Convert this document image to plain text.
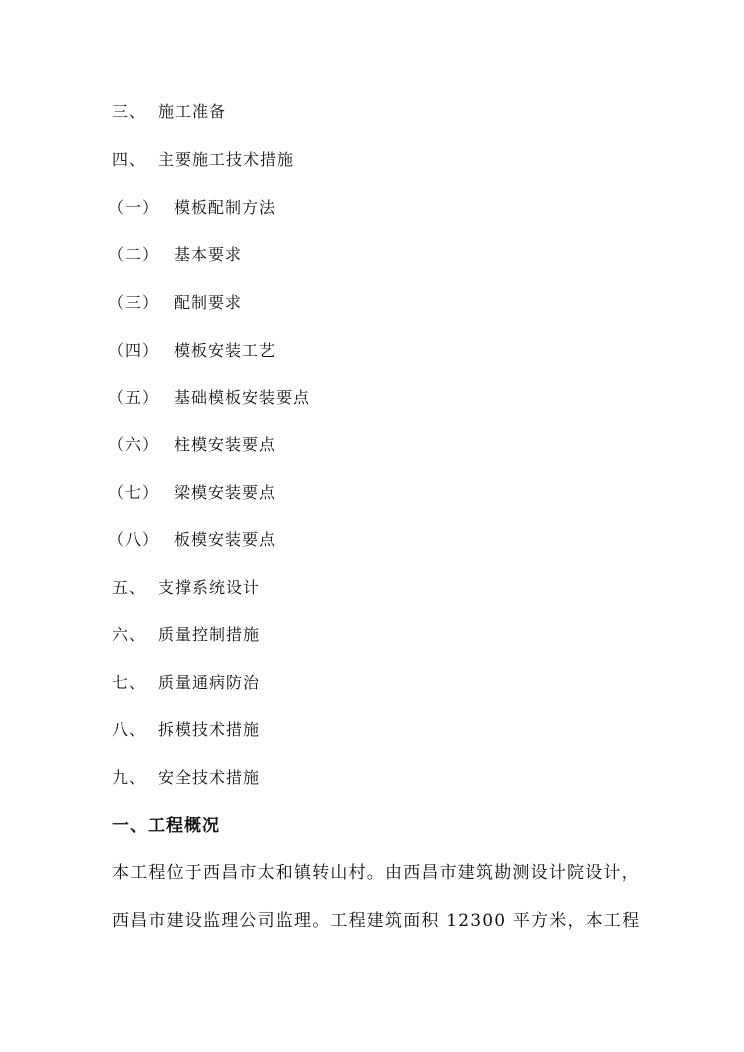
三、 施工准备
四、 主要施工技术措施
（一） 模板配制方法
（二） 基本要求
（三） 配制要求
（四） 模板安装工艺
（五） 基础模板安装要点
（六） 柱模安装要点
（七） 梁模安装要点
（八） 板模安装要点
五、 支撑系统设计
六、 质量控制措施
七、 质量通病防治
八、 拆模技术措施
九、 安全技术措施
一、工程概况
本工程位于西昌市太和镇转山村。由西昌市建筑勘测设计院设计，
西昌市建设监理公司监理。工程建筑面积 12300 平方米，本工程
